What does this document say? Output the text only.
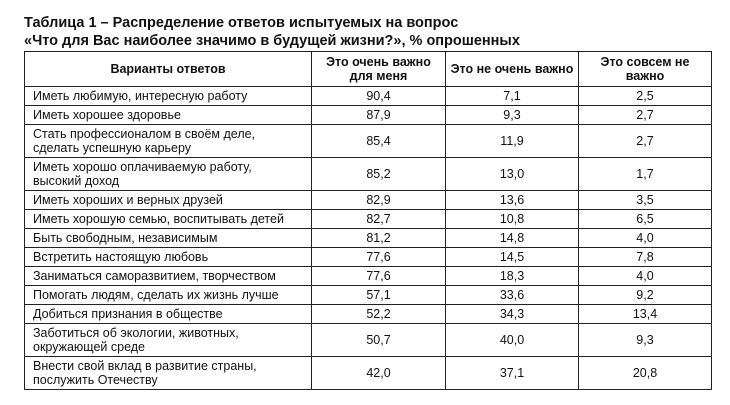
Таблица 1 – Распределение ответов испытуемых на вопрос
«Что для Вас наиболее значимо в будущей жизни?», % опрошенных
Варианты ответов	Это очень важно для меня	Это не очень важно	Это совсем не важно
Иметь любимую, интересную работу	90,4	7,1	2,5
Иметь хорошее здоровье	87,9	9,3	2,7
Стать профессионалом в своём деле, сделать успешную карьеру	85,4	11,9	2,7
Иметь хорошо оплачиваемую работу, высокий доход	85,2	13,0	1,7
Иметь хороших и верных друзей	82,9	13,6	3,5
Иметь хорошую семью, воспитывать детей	82,7	10,8	6,5
Быть свободным, независимым	81,2	14,8	4,0
Встретить настоящую любовь	77,6	14,5	7,8
Заниматься саморазвитием, творчеством	77,6	18,3	4,0
Помогать людям, сделать их жизнь лучше	57,1	33,6	9,2
Добиться признания в обществе	52,2	34,3	13,4
Заботиться об экологии, животных, окружающей среде	50,7	40,0	9,3
Внести свой вклад в развитие страны, послужить Отечеству	42,0	37,1	20,8
